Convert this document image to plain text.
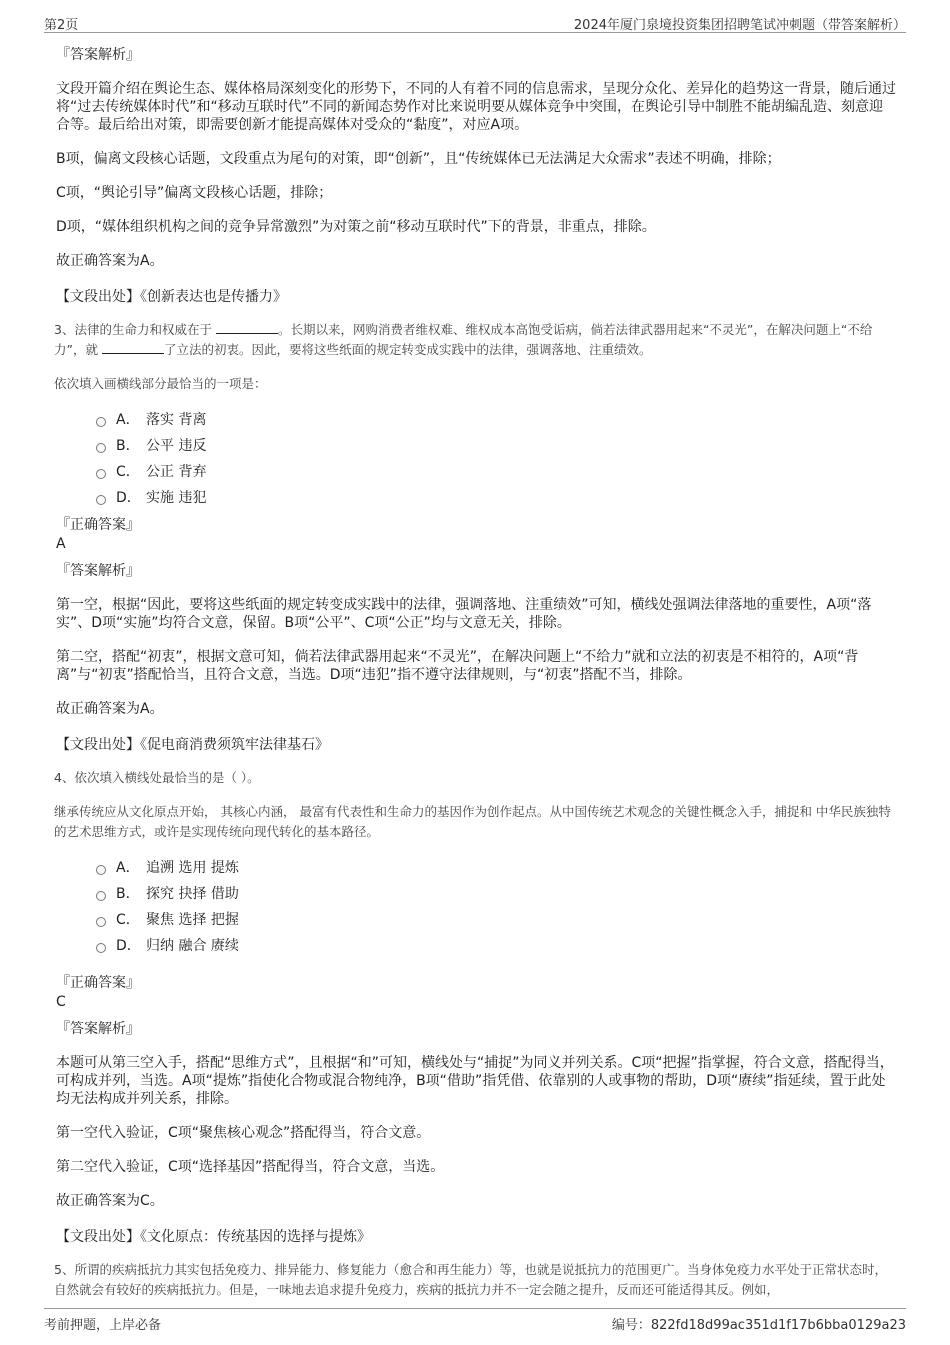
第2页	2024年厦门泉境投资集团招聘笔试冲刺题（带答案解析）
『答案解析』
文段开篇介绍在舆论生态、媒体格局深刻变化的形势下，不同的人有着不同的信息需求，呈现分众化、差异化的趋势这一背景，随后通过将“过去传统媒体时代”和“移动互联时代”不同的新闻态势作对比来说明要从媒体竞争中突围，在舆论引导中制胜不能胡编乱造、刻意迎合等。最后给出对策，即需要创新才能提高媒体对受众的“黏度”，对应A项。
B项，偏离文段核心话题，文段重点为尾句的对策，即“创新”，且“传统媒体已无法满足大众需求”表述不明确，排除；
C项，“舆论引导”偏离文段核心话题，排除；
D项，“媒体组织机构之间的竞争异常激烈”为对策之前“移动互联时代”下的背景，非重点，排除。
故正确答案为A。
【文段出处】《创新表达也是传播力》
3、法律的生命力和权威在于	。长期以来，网购消费者维权难、维权成本高饱受诟病，倘若法律武器用起来“不灵光”，在解决问题上“不给力”，就	了立法的初衷。因此，要将这些纸面的规定转变成实践中的法律，强调落地、注重绩效。
依次填入画横线部分最恰当的一项是：
A． 落实 背离
B． 公平 违反
C． 公正 背弃
D． 实施 违犯
『正确答案』
A
『答案解析』
第一空，根据“因此，要将这些纸面的规定转变成实践中的法律，强调落地、注重绩效”可知，横线处强调法律落地的重要性，A项“落实”、D项“实施”均符合文意，保留。B项“公平”、C项“公正”均与文意无关，排除。
第二空，搭配“初衷”，根据文意可知，倘若法律武器用起来“不灵光”，在解决问题上“不给力”就和立法的初衷是不相符的，A项“背离”与“初衷”搭配恰当，且符合文意，当选。D项“违犯”指不遵守法律规则，与“初衷”搭配不当，排除。
故正确答案为A。
【文段出处】《促电商消费须筑牢法律基石》
4、依次填入横线处最恰当的是（ ）。
继承传统应从文化原点开始， 其核心内涵， 最富有代表性和生命力的基因作为创作起点。从中国传统艺术观念的关键性概念入手，捕捉和 中华民族独特的艺术思维方式，或许是实现传统向现代转化的基本路径。
A． 追溯 选用 提炼
B． 探究 抉择 借助
C． 聚焦 选择 把握
D． 归纳 融合 赓续
『正确答案』
C
『答案解析』
本题可从第三空入手，搭配“思维方式”，且根据“和”可知，横线处与“捕捉”为同义并列关系。C项“把握”指掌握，符合文意，搭配得当，可构成并列，当选。A项“提炼”指使化合物或混合物纯净，B项“借助”指凭借、依靠别的人或事物的帮助，D项“赓续”指延续，置于此处均无法构成并列关系，排除。
第一空代入验证，C项“聚焦核心观念”搭配得当，符合文意。
第二空代入验证，C项“选择基因”搭配得当，符合文意，当选。
故正确答案为C。
【文段出处】《文化原点：传统基因的选择与提炼》
5、所谓的疾病抵抗力其实包括免疫力、排异能力、修复能力（愈合和再生能力）等，也就是说抵抗力的范围更广。当身体免疫力水平处于正常状态时，自然就会有较好的疾病抵抗力。但是，一味地去追求提升免疫力，疾病的抵抗力并不一定会随之提升，反而还可能适得其反。例如，
考前押题，上岸必备	编号：822fd18d99ac351d1f17b6bba0129a23
